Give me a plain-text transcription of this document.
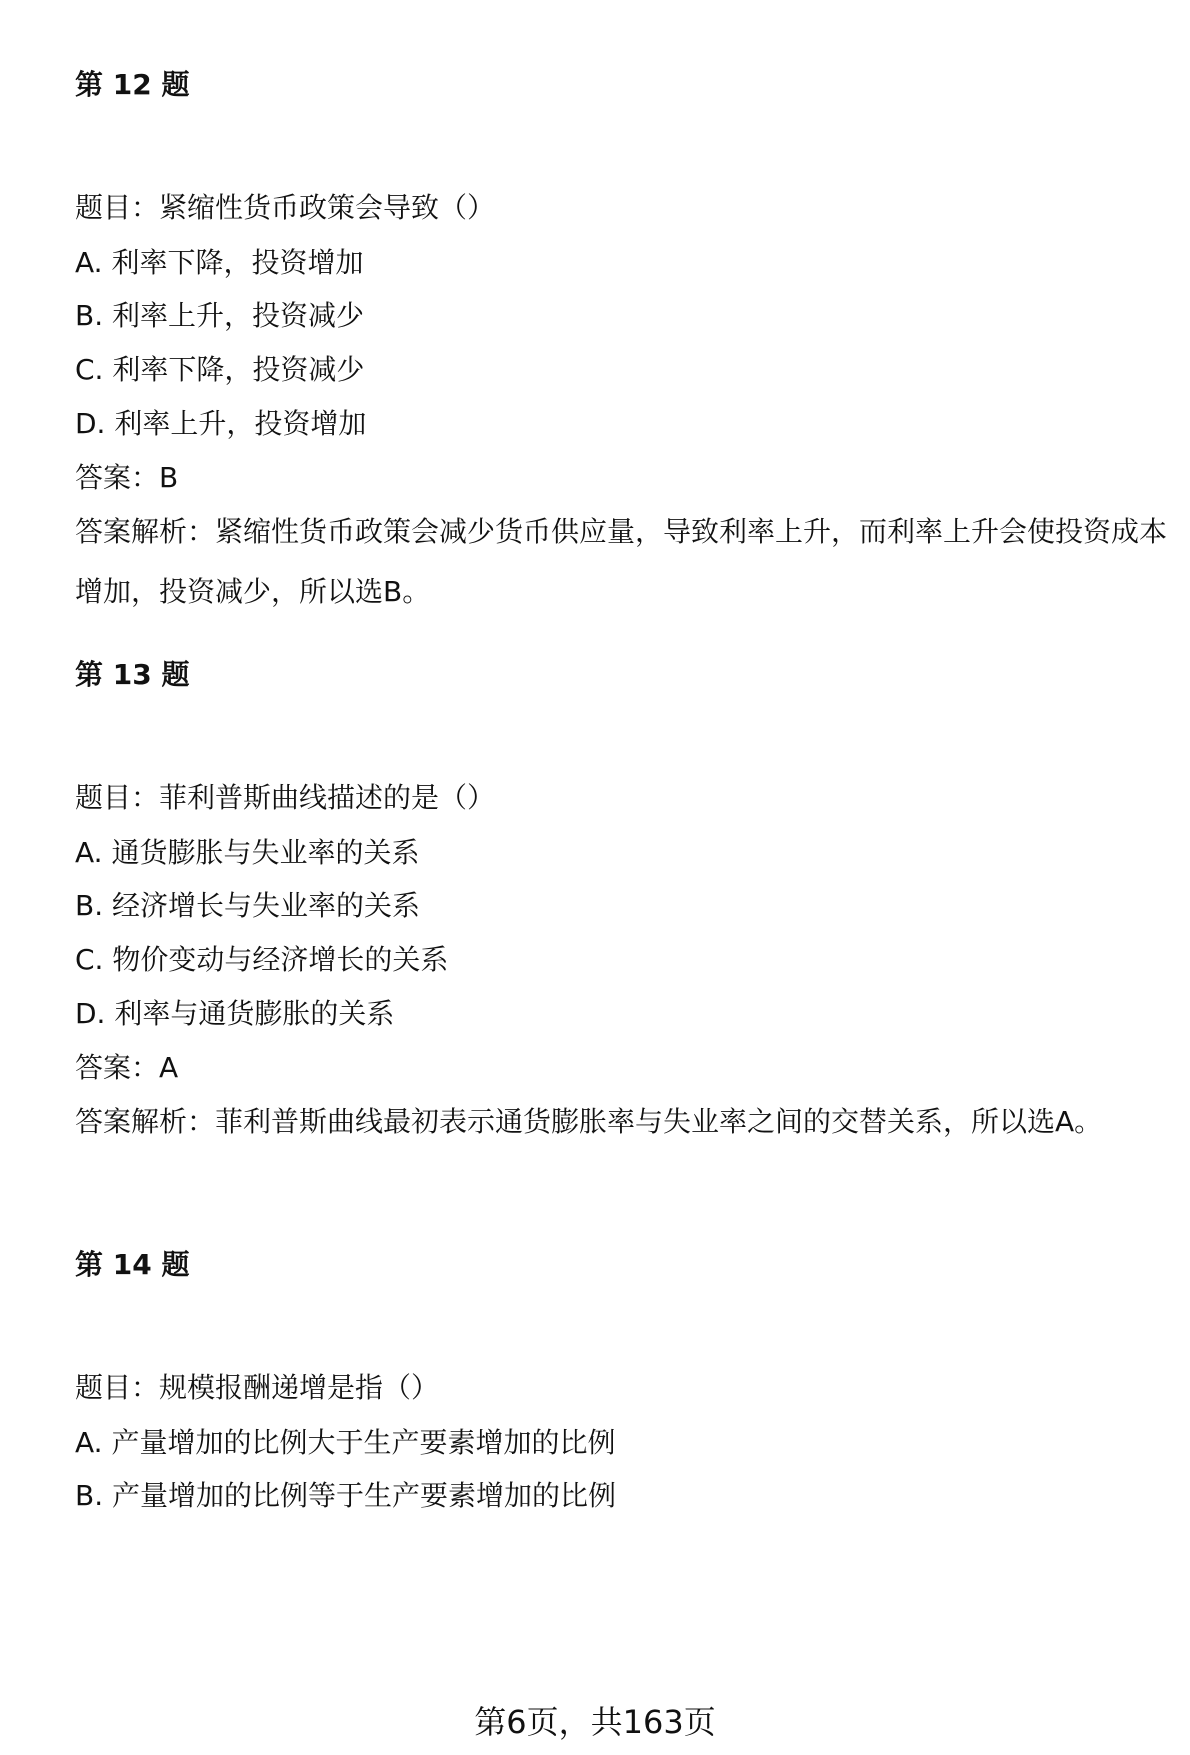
第 12 题
题目：紧缩性货币政策会导致（）
A. 利率下降，投资增加
B. 利率上升，投资减少
C. 利率下降，投资减少
D. 利率上升，投资增加
答案：B
答案解析：紧缩性货币政策会减少货币供应量，导致利率上升，而利率上升会使投资成本增加，投资减少，所以选B。
第 13 题
题目：菲利普斯曲线描述的是（）
A. 通货膨胀与失业率的关系
B. 经济增长与失业率的关系
C. 物价变动与经济增长的关系
D. 利率与通货膨胀的关系
答案：A
答案解析：菲利普斯曲线最初表示通货膨胀率与失业率之间的交替关系，所以选A。
第 14 题
题目：规模报酬递增是指（）
A. 产量增加的比例大于生产要素增加的比例
B. 产量增加的比例等于生产要素增加的比例
第6页，共163页
